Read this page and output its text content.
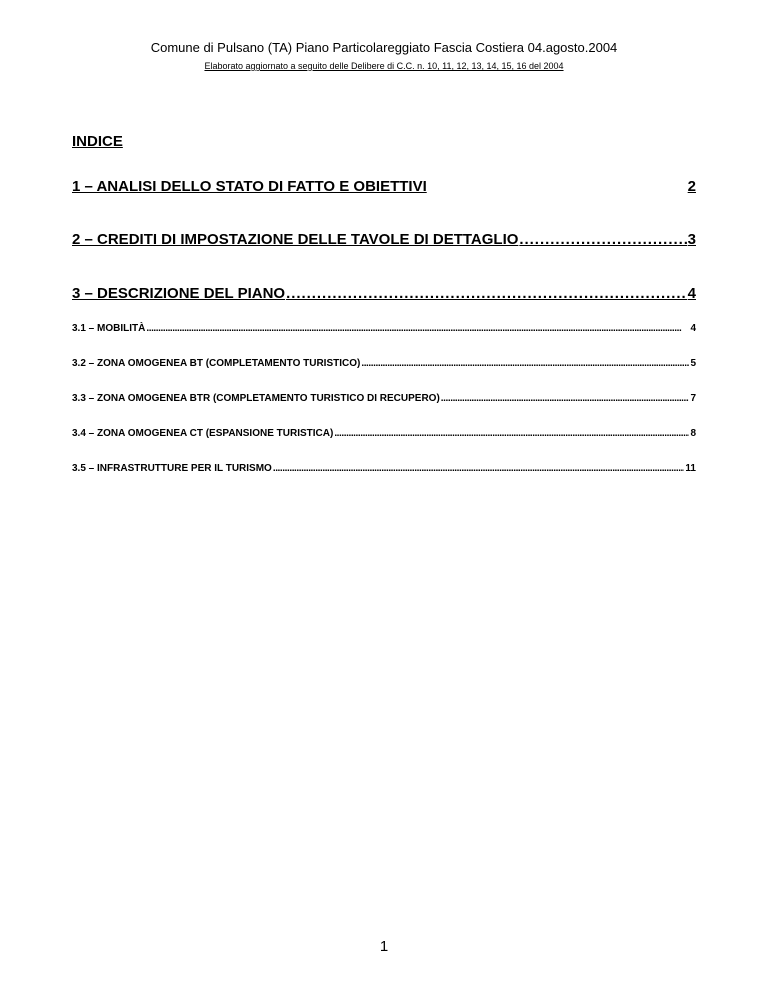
Comune di Pulsano (TA) Piano Particolareggiato Fascia Costiera 04.agosto.2004
Elaborato aggiornato a seguito delle Delibere di C.C. n. 10, 11, 12, 13, 14, 15, 16 del 2004
INDICE
1 – ANALISI DELLO STATO DI FATTO E OBIETTIVI	2
2 – CREDITI DI IMPOSTAZIONE DELLE TAVOLE DI DETTAGLIO . . .	3
3 – DESCRIZIONE DEL PIANO . . .	4
3.1 – MOBILITÀ . . .	4
3.2 – ZONA OMOGENEA BT (COMPLETAMENTO TURISTICO) . . .	5
3.3 – ZONA OMOGENEA BTR (COMPLETAMENTO TURISTICO DI RECUPERO) . . .	7
3.4 – ZONA OMOGENEA CT (ESPANSIONE TURISTICA) . . .	8
3.5 – INFRASTRUTTURE PER IL TURISMO . . .	11
1
